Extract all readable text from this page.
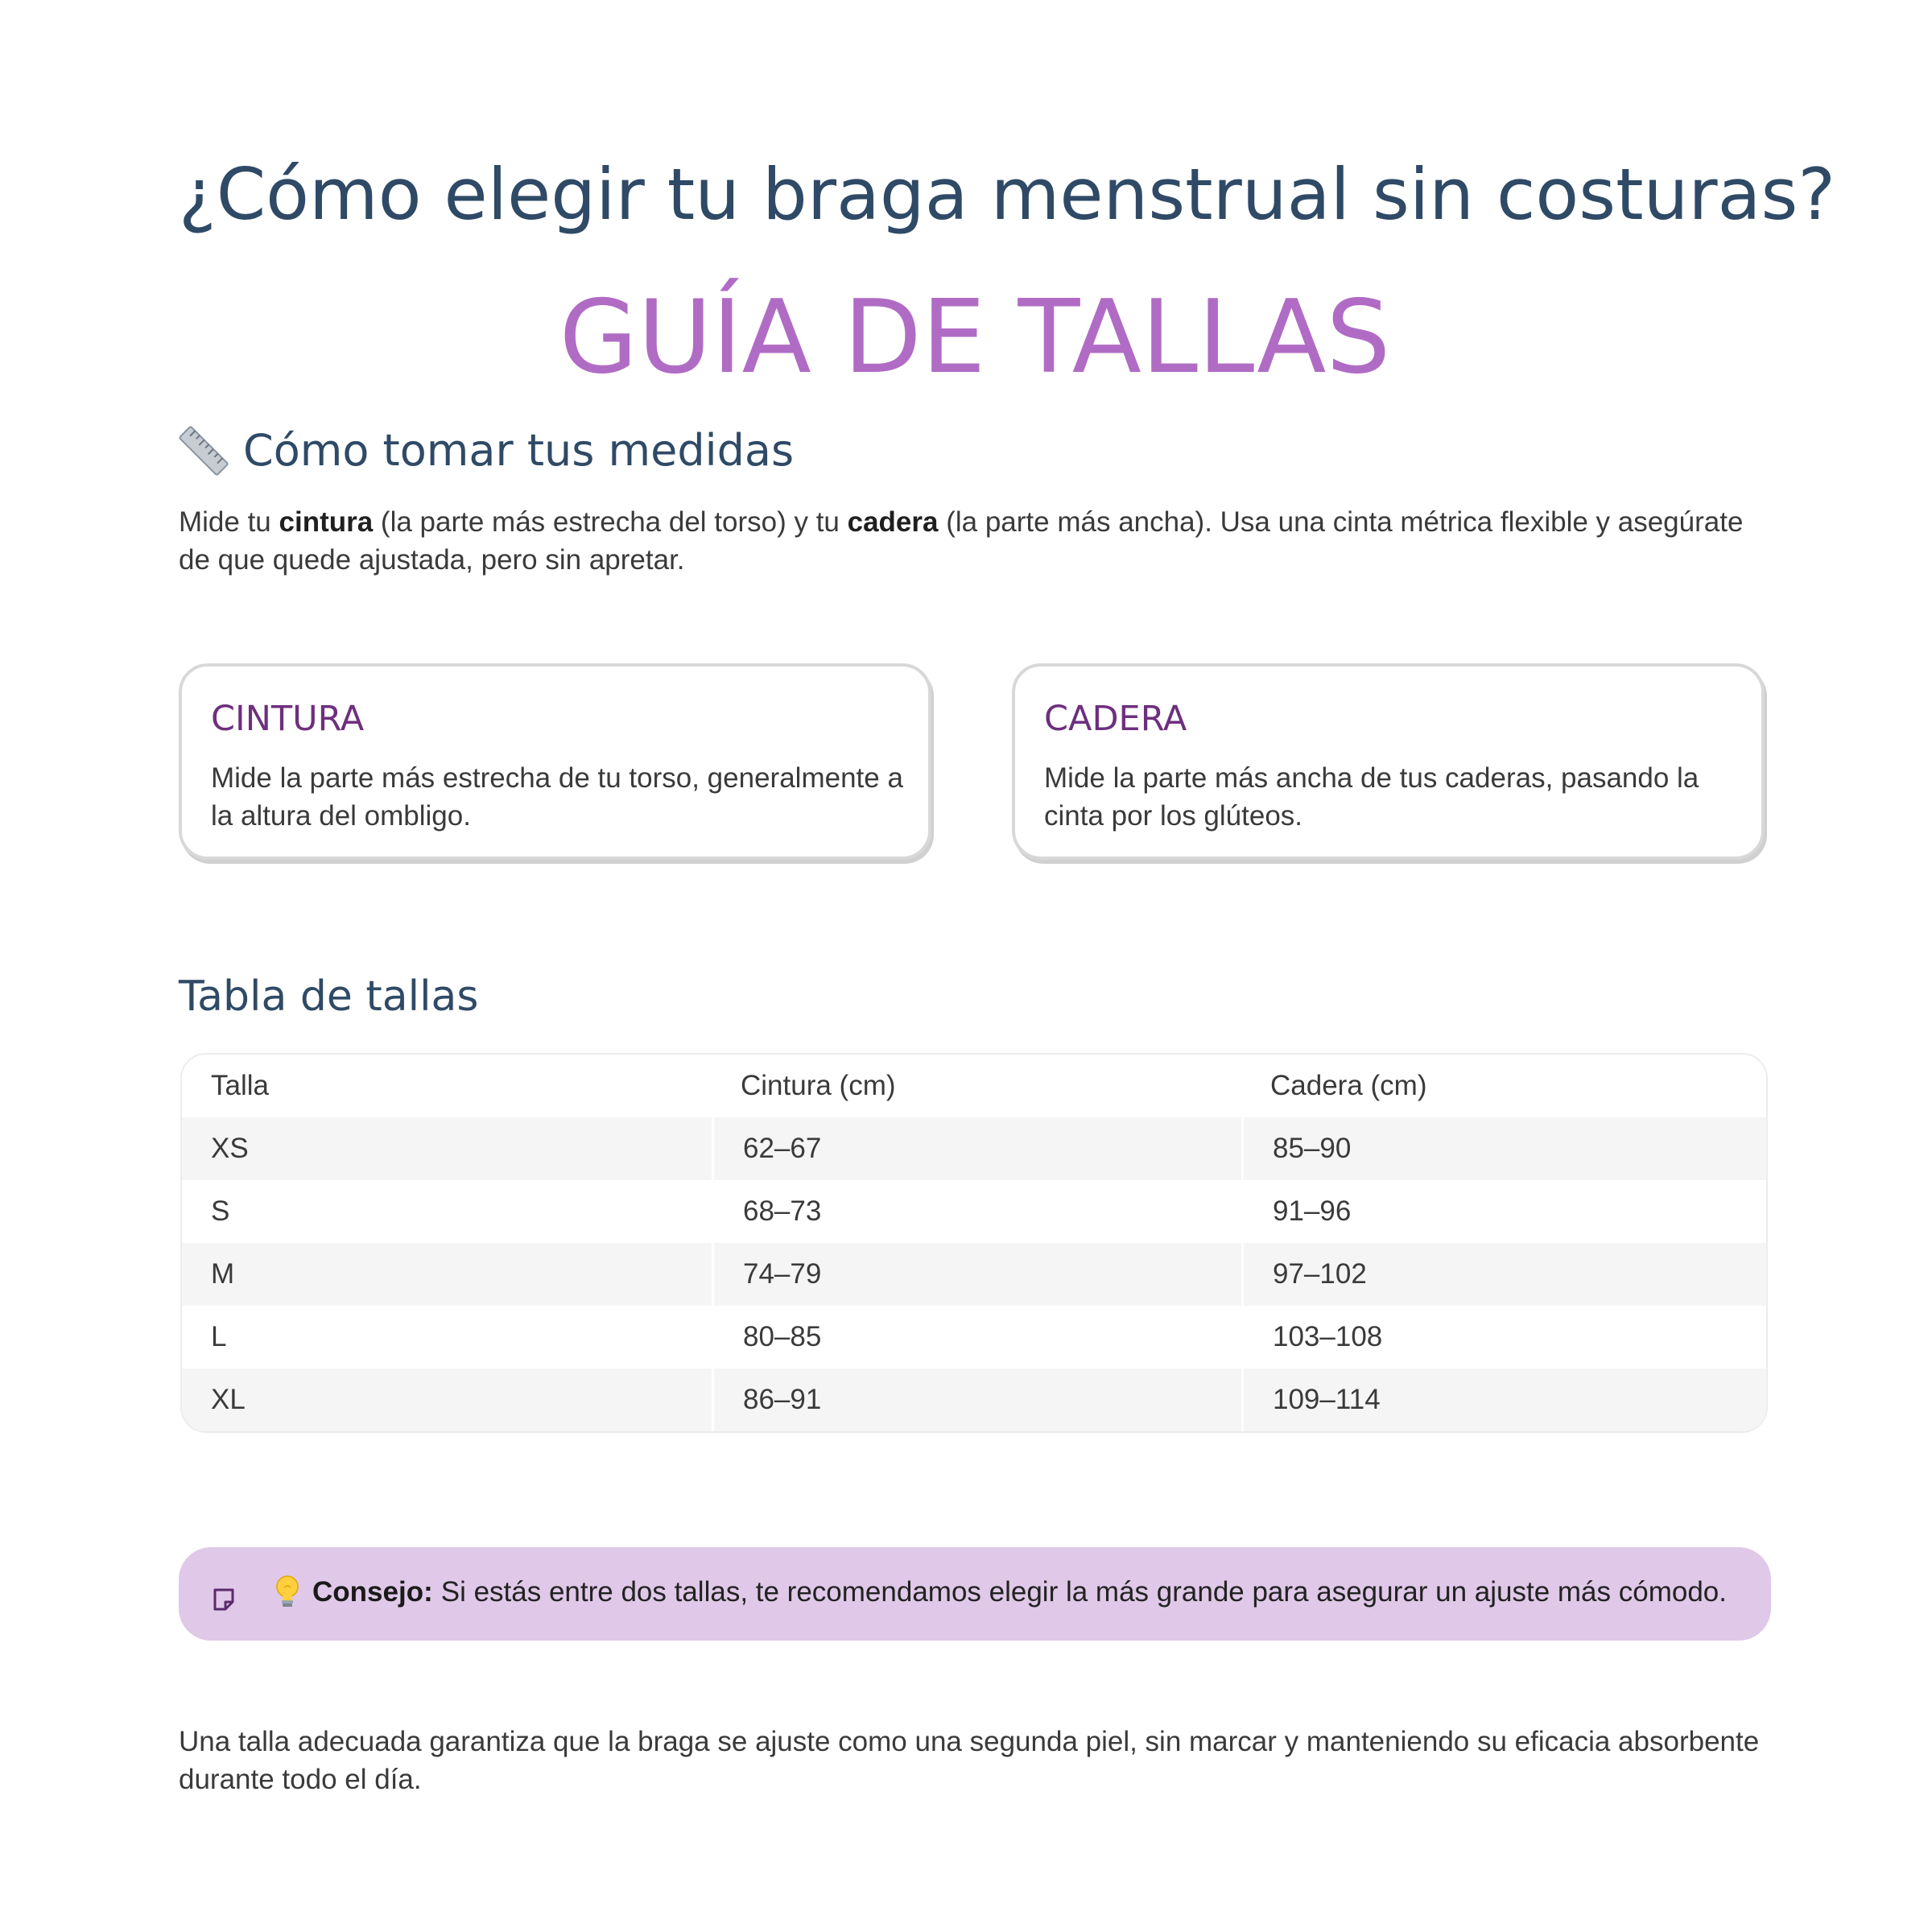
¿Cómo elegir tu braga menstrual sin costuras?
GUÍA DE TALLAS
Cómo tomar tus medidas
Mide tu cintura (la parte más estrecha del torso) y tu cadera (la parte más ancha). Usa una cinta métrica flexible y asegúrate de que quede ajustada, pero sin apretar.
CINTURA
Mide la parte más estrecha de tu torso, generalmente a la altura del ombligo.
CADERA
Mide la parte más ancha de tus caderas, pasando la cinta por los glúteos.
Tabla de tallas
Talla	Cintura (cm)	Cadera (cm)
XS	62–67	85–90
S	68–73	91–96
M	74–79	97–102
L	80–85	103–108
XL	86–91	109–114
Consejo: Si estás entre dos tallas, te recomendamos elegir la más grande para asegurar un ajuste más cómodo.
Una talla adecuada garantiza que la braga se ajuste como una segunda piel, sin marcar y manteniendo su eficacia absorbente durante todo el día.
